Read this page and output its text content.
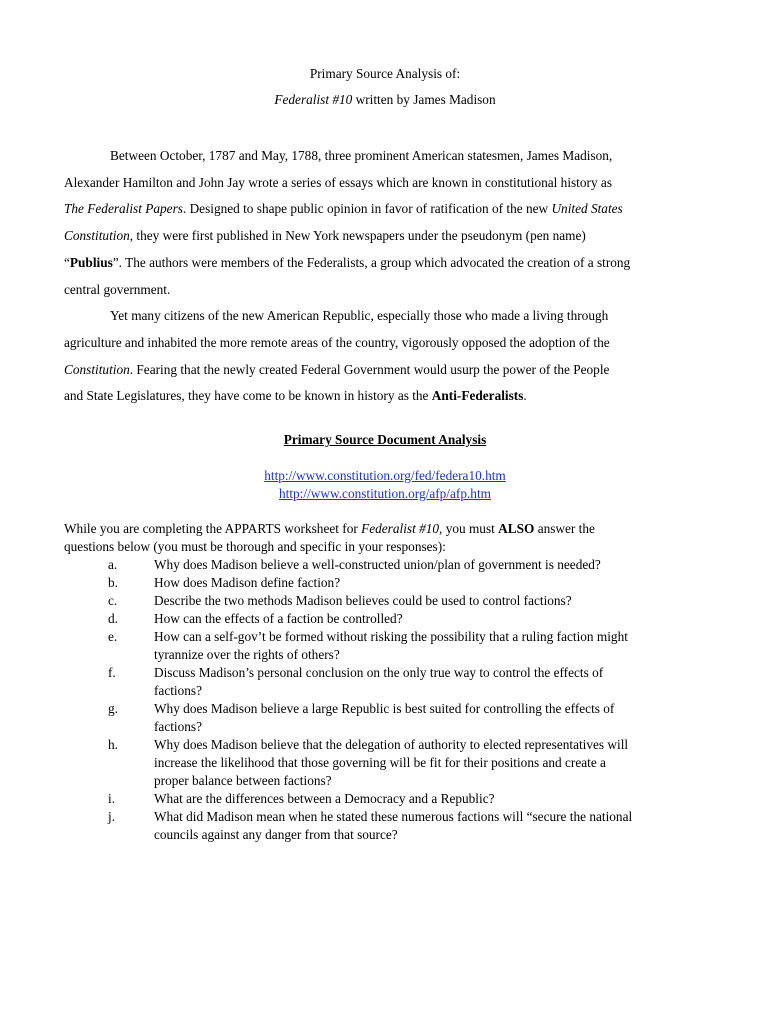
Primary Source Analysis of:
Federalist #10 written by James Madison
Between October, 1787 and May, 1788, three prominent American statesmen, James Madison,
Alexander Hamilton and John Jay wrote a series of essays which are known in constitutional history as
The Federalist Papers. Designed to shape public opinion in favor of ratification of the new United States
Constitution, they were first published in New York newspapers under the pseudonym (pen name)
“Publius”. The authors were members of the Federalists, a group which advocated the creation of a strong
central government.
Yet many citizens of the new American Republic, especially those who made a living through
agriculture and inhabited the more remote areas of the country, vigorously opposed the adoption of the
Constitution. Fearing that the newly created Federal Government would usurp the power of the People
and State Legislatures, they have come to be known in history as the Anti-Federalists.
Primary Source Document Analysis
http://www.constitution.org/fed/federa10.htm
http://www.constitution.org/afp/afp.htm
While you are completing the APPARTS worksheet for Federalist #10, you must ALSO answer the
questions below (you must be thorough and specific in your responses):
a.	Why does Madison believe a well-constructed union/plan of government is needed?
b.	How does Madison define faction?
c.	Describe the two methods Madison believes could be used to control factions?
d.	How can the effects of a faction be controlled?
e.	How can a self-gov’t be formed without risking the possibility that a ruling faction might
tyrannize over the rights of others?
f.	Discuss Madison’s personal conclusion on the only true way to control the effects of
factions?
g.	Why does Madison believe a large Republic is best suited for controlling the effects of
factions?
h.	Why does Madison believe that the delegation of authority to elected representatives will
increase the likelihood that those governing will be fit for their positions and create a
proper balance between factions?
i.	What are the differences between a Democracy and a Republic?
j.	What did Madison mean when he stated these numerous factions will “secure the national
councils against any danger from that source?
